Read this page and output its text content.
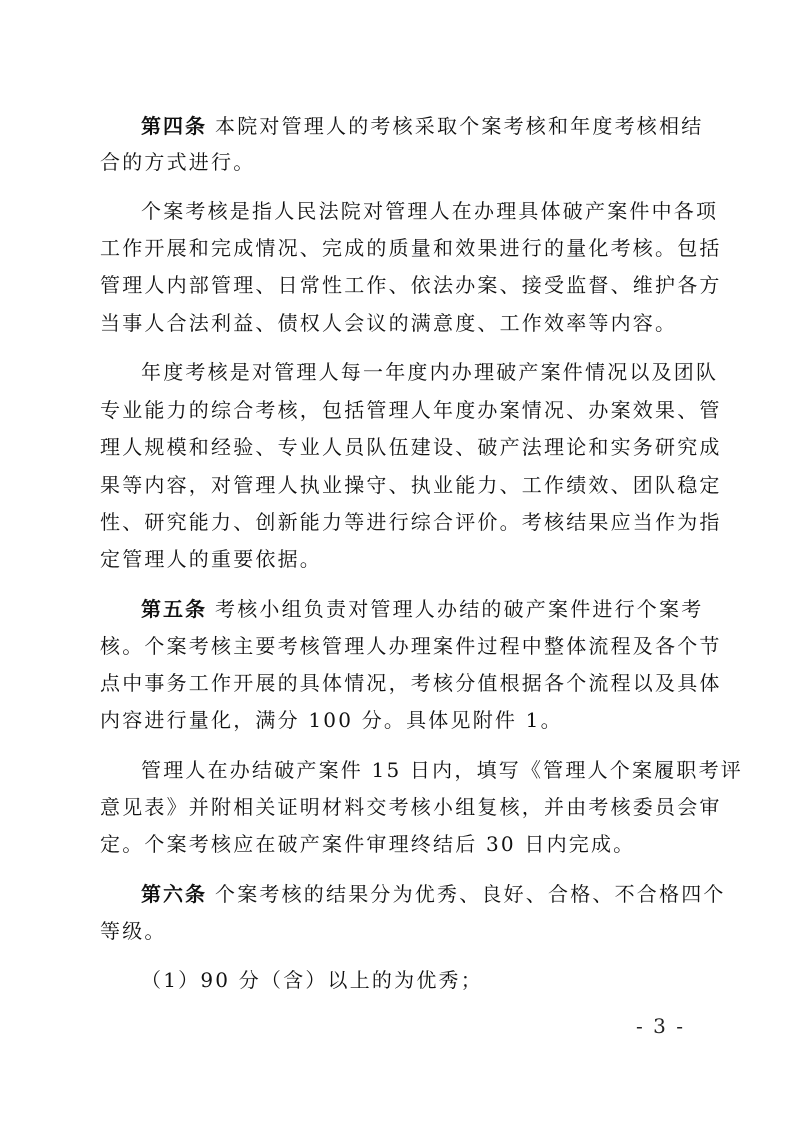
第四条 本院对管理人的考核采取个案考核和年度考核相结
合的方式进行。
个案考核是指人民法院对管理人在办理具体破产案件中各项
工作开展和完成情况、完成的质量和效果进行的量化考核。包括
管理人内部管理、日常性工作、依法办案、接受监督、维护各方
当事人合法利益、债权人会议的满意度、工作效率等内容。
年度考核是对管理人每一年度内办理破产案件情况以及团队
专业能力的综合考核，包括管理人年度办案情况、办案效果、管
理人规模和经验、专业人员队伍建设、破产法理论和实务研究成
果等内容，对管理人执业操守、执业能力、工作绩效、团队稳定
性、研究能力、创新能力等进行综合评价。考核结果应当作为指
定管理人的重要依据。
第五条 考核小组负责对管理人办结的破产案件进行个案考
核。个案考核主要考核管理人办理案件过程中整体流程及各个节
点中事务工作开展的具体情况，考核分值根据各个流程以及具体
内容进行量化，满分 100 分。具体见附件 1。
管理人在办结破产案件 15 日内，填写《管理人个案履职考评
意见表》并附相关证明材料交考核小组复核，并由考核委员会审
定。个案考核应在破产案件审理终结后 30 日内完成。
第六条 个案考核的结果分为优秀、良好、合格、不合格四个
等级。
（1）90 分（含）以上的为优秀；
- 3 -
